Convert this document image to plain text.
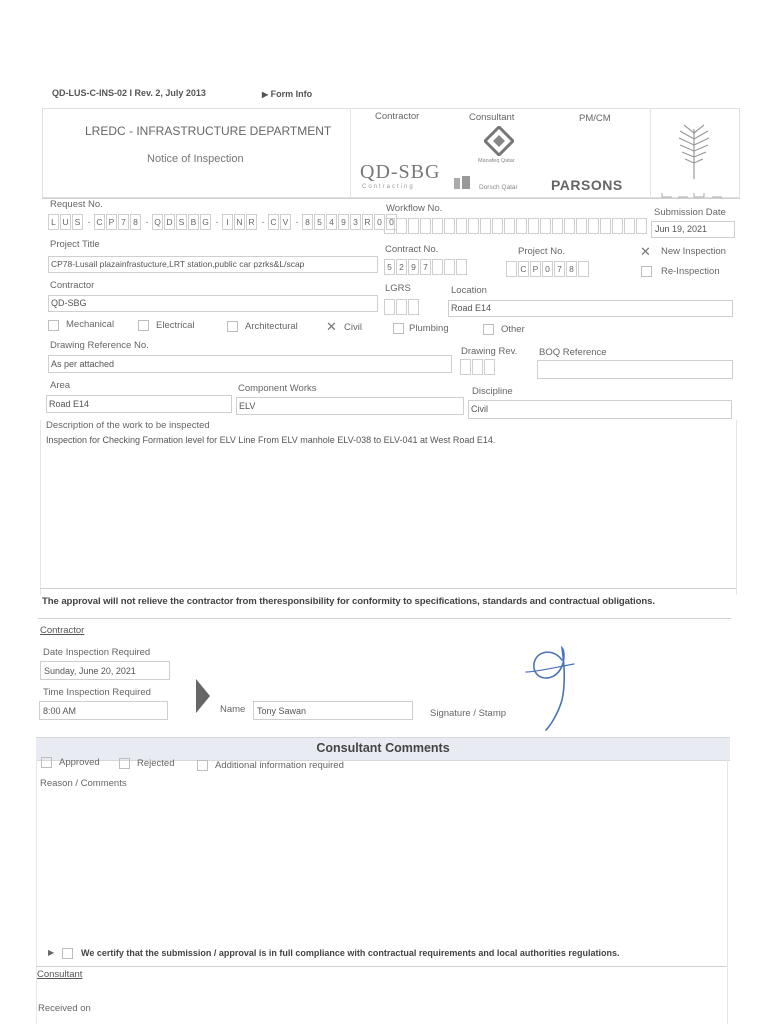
QD-LUS-C-INS-02 I Rev. 2, July 2013	▶ Form Info
LREDC - INFRASTRUCTURE DEPARTMENT
Notice of Inspection
Contractor	Consultant	PM/CM
QD-SBG
Contracting
Manafeq Qatar
Dorsch Qatar PARSONS
Request No.
L U S - C P 7 8 - Q D S B G - I N R - C V - 8 5 4 9 3 R 0 0
Workflow No.	Submission Date
Jun 19, 2021
Project Title
CP78-Lusail plazainfrastucture,LRT station,public car pzrks&L/scap
Contract No.
5 2 9 7
Project No.
C P 0 7 8
✕ New Inspection
Re-Inspection
Contractor
QD-SBG
LGRS	Location
Road E14
Mechanical	Electrical	Architectural ✕ Civil	Plumbing	Other
Drawing Reference No.
As per attached
Drawing Rev. BOQ Reference
Area
Road E14
Component Works
ELV
Discipline
Civil
Description of the work to be inspected
Inspection for Checking Formation level for ELV Line From ELV manhole ELV-038 to ELV-041 at West Road E14.
The approval will not relieve the contractor from theresponsibility for conformity to specifications, standards and contractual obligations.
Contractor
Date Inspection Required
Sunday, June 20, 2021
Time Inspection Required
8:00 AM	Name Tony Sawan	Signature / Stamp
Consultant Comments
Approved	Rejected	Additional information required
Reason / Comments
▶	We certify that the submission / approval is in full compliance with contractual requirements and local authorities regulations.
Consultant
Received on
